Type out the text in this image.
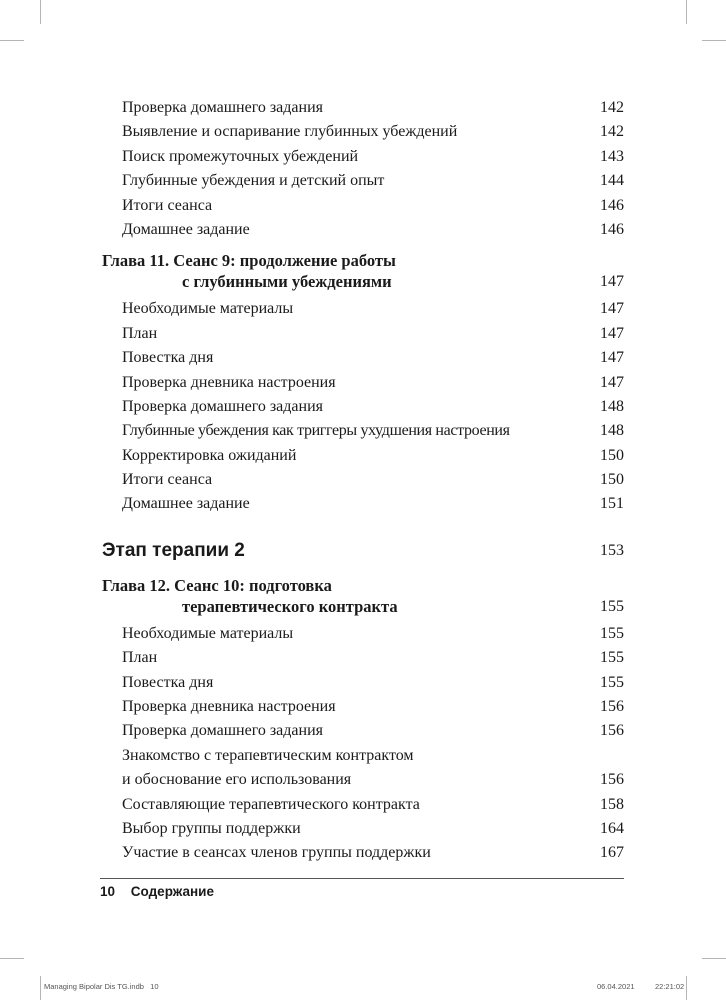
Проверка домашнего задания	142
Выявление и оспаривание глубинных убеждений	142
Поиск промежуточных убеждений	143
Глубинные убеждения и детский опыт	144
Итоги сеанса	146
Домашнее задание	146
Глава 11. Сеанс 9: продолжение работы
с глубинными убеждениями	147
Необходимые материалы	147
План	147
Повестка дня	147
Проверка дневника настроения	147
Проверка домашнего задания	148
Глубинные убеждения как триггеры ухудшения настроения	148
Корректировка ожиданий	150
Итоги сеанса	150
Домашнее задание	151
Этап терапии 2	153
Глава 12. Сеанс 10: подготовка
терапевтического контракта	155
Необходимые материалы	155
План	155
Повестка дня	155
Проверка дневника настроения	156
Проверка домашнего задания	156
Знакомство с терапевтическим контрактом
и обоснование его использования	156
Составляющие терапевтического контракта	158
Выбор группы поддержки	164
Участие в сеансах членов группы поддержки	167
10 Содержание
Managing Bipolar Dis TG.indb   10	06.04.2021	22:21:02
